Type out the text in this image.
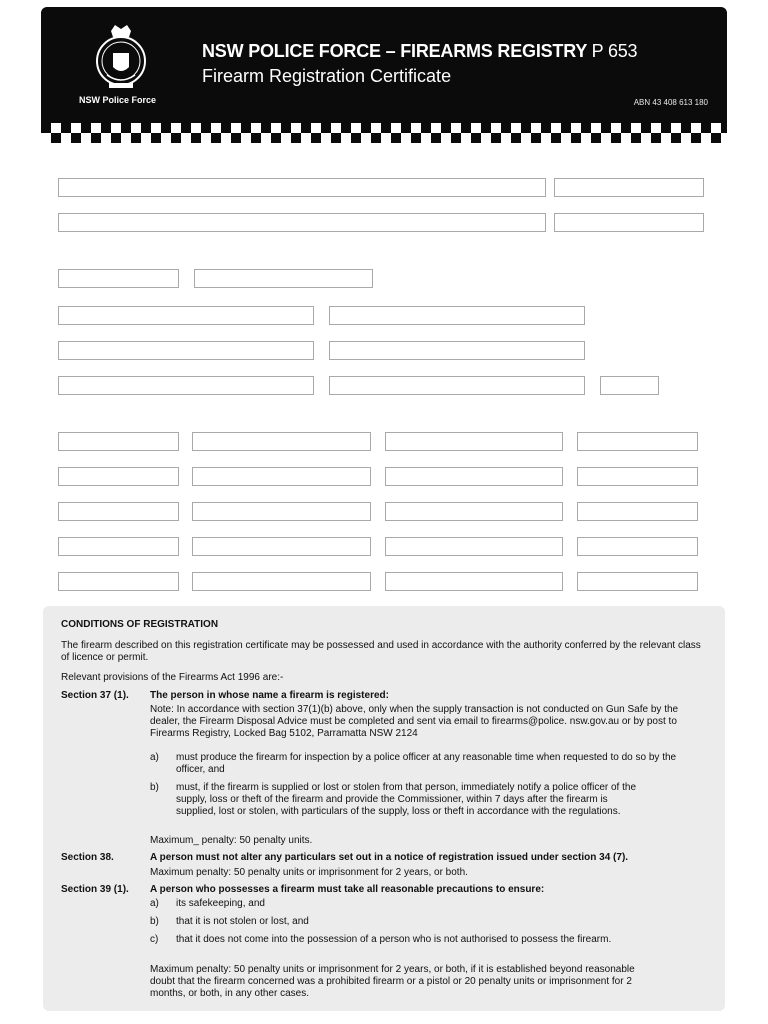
NSW Police Force
NSW POLICE FORCE – FIREARMS REGISTRY P 653
Firearm Registration Certificate
ABN 43 408 613 180
CONDITIONS OF REGISTRATION
The firearm described on this registration certificate may be possessed and used in accordance with the authority conferred by the relevant class of licence or permit.
Relevant provisions of the Firearms Act 1996 are:-
Section 37 (1). The person in whose name a firearm is registered:
Note: In accordance with section 37(1)(b) above, only when the supply transaction is not conducted on Gun Safe by the dealer, the Firearm Disposal Advice must be completed and sent via email to firearms@police. nsw.gov.au or by post to Firearms Registry, Locked Bag 5102, Parramatta NSW 2124
a) must produce the firearm for inspection by a police officer at any reasonable time when requested to do so by the officer, and
b) must, if the firearm is supplied or lost or stolen from that person, immediately notify a police officer of the supply, loss or theft of the firearm and provide the Commissioner, within 7 days after the firearm is supplied, lost or stolen, with particulars of the supply, loss or theft in accordance with the regulations.
Maximum_ penalty: 50 penalty units.
Section 38.	A person must not alter any particulars set out in a notice of registration issued under section 34 (7).
Maximum penalty: 50 penalty units or imprisonment for 2 years, or both.
Section 39 (1). A person who possesses a firearm must take all reasonable precautions to ensure:
a) its safekeeping, and
b) that it is not stolen or lost, and
c) that it does not come into the possession of a person who is not authorised to possess the firearm.
Maximum penalty: 50 penalty units or imprisonment for 2 years, or both, if it is established beyond reasonable doubt that the firearm concerned was a prohibited firearm or a pistol or 20 penalty units or imprisonment for 2 months, or both, in any other cases.
